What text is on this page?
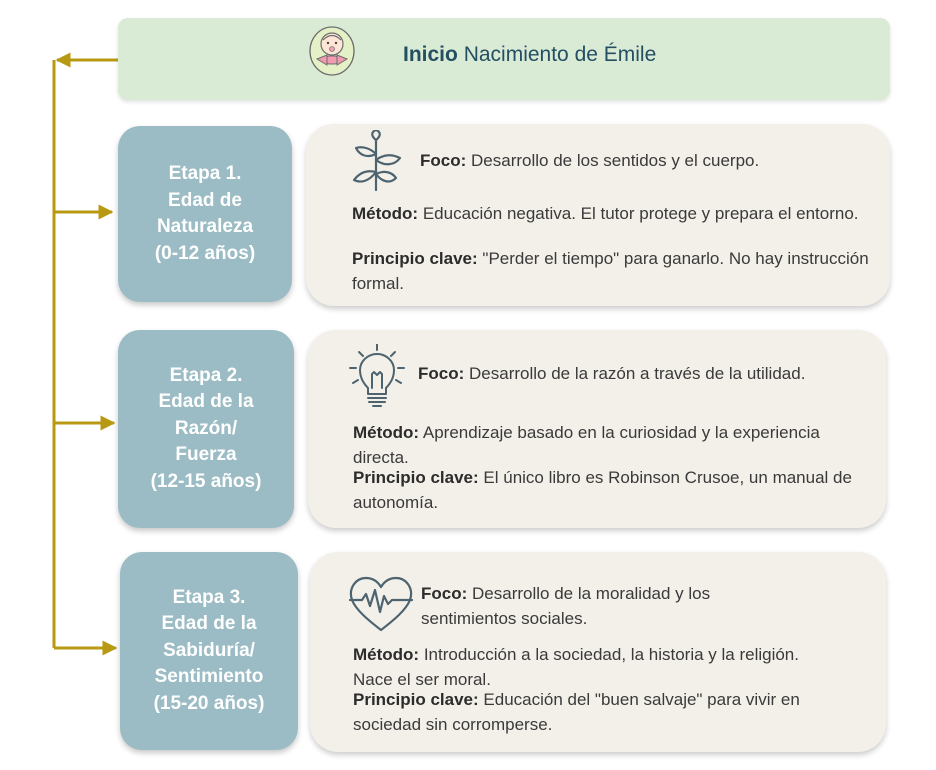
Inicio Nacimiento de Émile
Etapa 1.
Edad de
Naturaleza
(0-12 años)
Foco: Desarrollo de los sentidos y el cuerpo.
Método: Educación negativa. El tutor protege y prepara el entorno.
Principio clave: "Perder el tiempo" para ganarlo. No hay instrucción formal.
Etapa 2.
Edad de la
Razón/
Fuerza
(12-15 años)
Foco: Desarrollo de la razón a través de la utilidad.
Método: Aprendizaje basado en la curiosidad y la experiencia directa.
Principio clave: El único libro es Robinson Crusoe, un manual de autonomía.
Etapa 3.
Edad de la
Sabiduría/
Sentimiento
(15-20 años)
Foco: Desarrollo de la moralidad y los sentimientos sociales.
Método: Introducción a la sociedad, la historia y la religión. Nace el ser moral.
Principio clave: Educación del "buen salvaje" para vivir en sociedad sin corromperse.
